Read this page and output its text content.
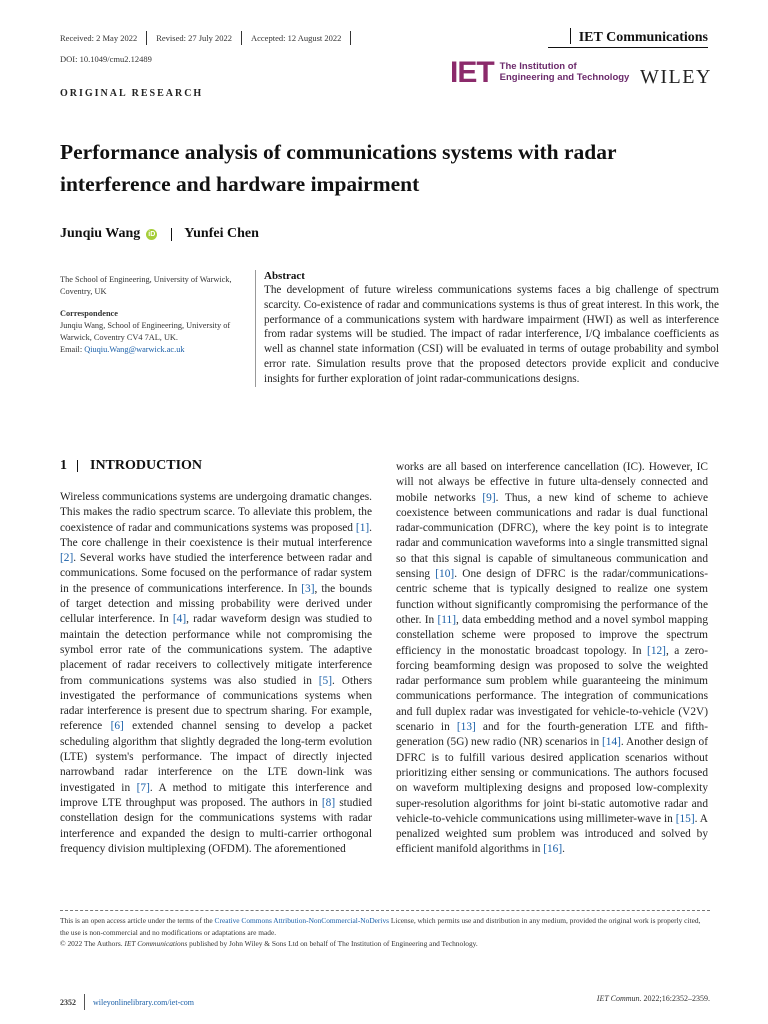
Received: 2 May 2022 Revised: 27 July 2022 Accepted: 12 August 2022	IET Communications
DOI: 10.1049/cmu2.12489	IET The Institution of
Engineering and Technology WILEY
ORIGINAL RESEARCH
Performance analysis of communications systems with radar interference and hardware impairment
Junqiu Wang iD Yunfei Chen
The School of Engineering, University of Warwick, Coventry, UK
Correspondence
Junqiu Wang, School of Engineering, University of Warwick, Coventry CV4 7AL, UK.
Email: Qiuqiu.Wang@warwick.ac.uk
Abstract
The development of future wireless communications systems faces a big challenge of spectrum scarcity. Co-existence of radar and communications systems is thus of great interest. In this work, the performance of a communications system with hardware impairment (HWI) as well as interference from radar systems will be studied. The impact of radar interference, I/Q imbalance coefficients as well as channel state information (CSI) will be evaluated in terms of outage probability and symbol error rate. Simulation results prove that the proposed detectors provide explicit and conducive insights for further exploration of joint radar-communications designs.
1 INTRODUCTION
Wireless communications systems are undergoing dramatic changes. This makes the radio spectrum scarce. To alleviate this problem, the coexistence of radar and communications systems was proposed [1]. The core challenge in their coexistence is their mutual interference [2]. Several works have studied the interference between radar and communications. Some focused on the performance of radar system in the presence of communications interference. In [3], the bounds of target detection and missing probability were derived under cellular interference. In [4], radar waveform design was studied to maintain the detection performance while not compromising the symbol error rate of the communications system. The adaptive placement of radar receivers to collectively mitigate interference from communications systems was also studied in [5]. Others investigated the performance of communications systems when radar interference is present due to spectrum sharing. For example, reference [6] extended channel sensing to develop a packet scheduling algorithm that slightly degraded the long-term evolution (LTE) system's performance. The impact of directly injected narrowband radar interference on the LTE down-link was investigated in [7]. A method to mitigate this interference and improve LTE throughput was proposed. The authors in [8] studied constellation design for the communications systems with radar interference and expanded the design to multi-carrier orthogonal frequency division multiplexing (OFDM). The aforementioned
works are all based on interference cancellation (IC). However, IC will not always be effective in future ulta-densely connected and mobile networks [9]. Thus, a new kind of scheme to achieve coexistence between communications and radar is dual functional radar-communication (DFRC), where the key point is to integrate radar and communication waveforms into a single transmitted signal so that this signal is capable of simultaneous communication and sensing [10]. One design of DFRC is the radar/communications-centric scheme that is typically designed to realize one system function without significantly compromising the performance of the other. In [11], data embedding method and a novel symbol mapping constellation scheme were proposed to improve the spectrum efficiency in the monostatic broadcast topology. In [12], a zero-forcing beamforming design was proposed to solve the weighted radar performance sum problem while guaranteeing the minimum communications performance. The integration of communications and full duplex radar was investigated for vehicle-to-vehicle (V2V) scenario in [13] and for the fourth-generation LTE and fifth-generation (5G) new radio (NR) scenarios in [14]. Another design of DFRC is to fulfill various desired application scenarios without prioritizing either sensing or communications. The authors focused on waveform multiplexing designs and proposed low-complexity super-resolution algorithms for joint bi-static automotive radar and vehicle-to-vehicle communications using millimeter-wave in [15]. A penalized weighted sum problem was introduced and solved by efficient manifold algorithms in [16].
This is an open access article under the terms of the Creative Commons Attribution-NonCommercial-NoDerivs License, which permits use and distribution in any medium, provided the original work is properly cited, the use is non-commercial and no modifications or adaptations are made.
© 2022 The Authors. IET Communications published by John Wiley & Sons Ltd on behalf of The Institution of Engineering and Technology.
2352 wileyonlinelibrary.com/iet-com	IET Commun. 2022;16:2352–2359.
